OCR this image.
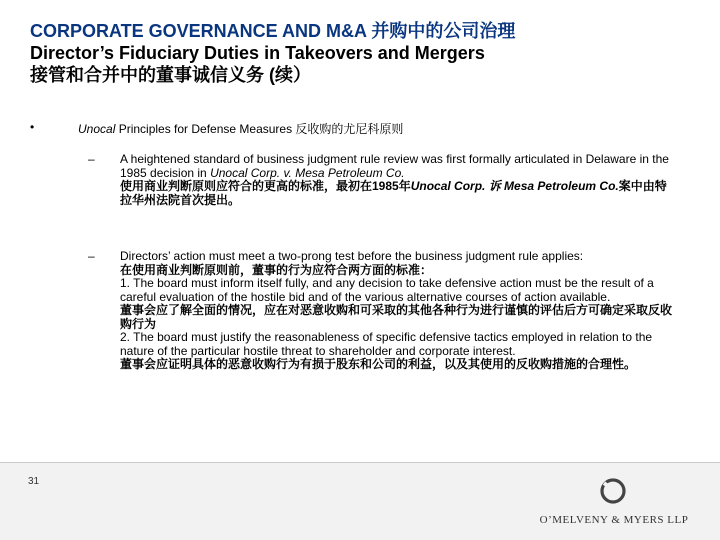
CORPORATE GOVERNANCE AND M&A 并购中的公司治理
Director’s Fiduciary Duties in Takeovers and Mergers
接管和合并中的董事诚信义务 (续）
•	Unocal Principles for Defense Measures 反收购的尤尼科原则
– A heightened standard of business judgment rule review was first formally articulated in Delaware in the 1985 decision in Unocal Corp. v. Mesa Petroleum Co.

使用商业判断原则应符合的更高的标准，最初在1985年Unocal Corp. 诉 Mesa Petroleum Co.案中由特拉华州法院首次提出。

– Directors’ action must meet a two-prong test before the business judgment rule applies:

在使用商业判断原则前，董事的行为应符合两方面的标准：

1. The board must inform itself fully, and any decision to take defensive action must be the result of a careful evaluation of the hostile bid and of the various alternative courses of action available.

董事会应了解全面的情况，应在对恶意收购和可采取的其他各种行为进行谨慎的评估后方可确定采取反收购行为

2. The board must justify the reasonableness of specific defensive tactics employed in relation to the nature of the particular hostile threat to shareholder and corporate interest.

董事会应证明具体的恶意收购行为有损于股东和公司的利益，以及其使用的反收购措施的合理性。

31
O’MELVENY & MYERS LLP
